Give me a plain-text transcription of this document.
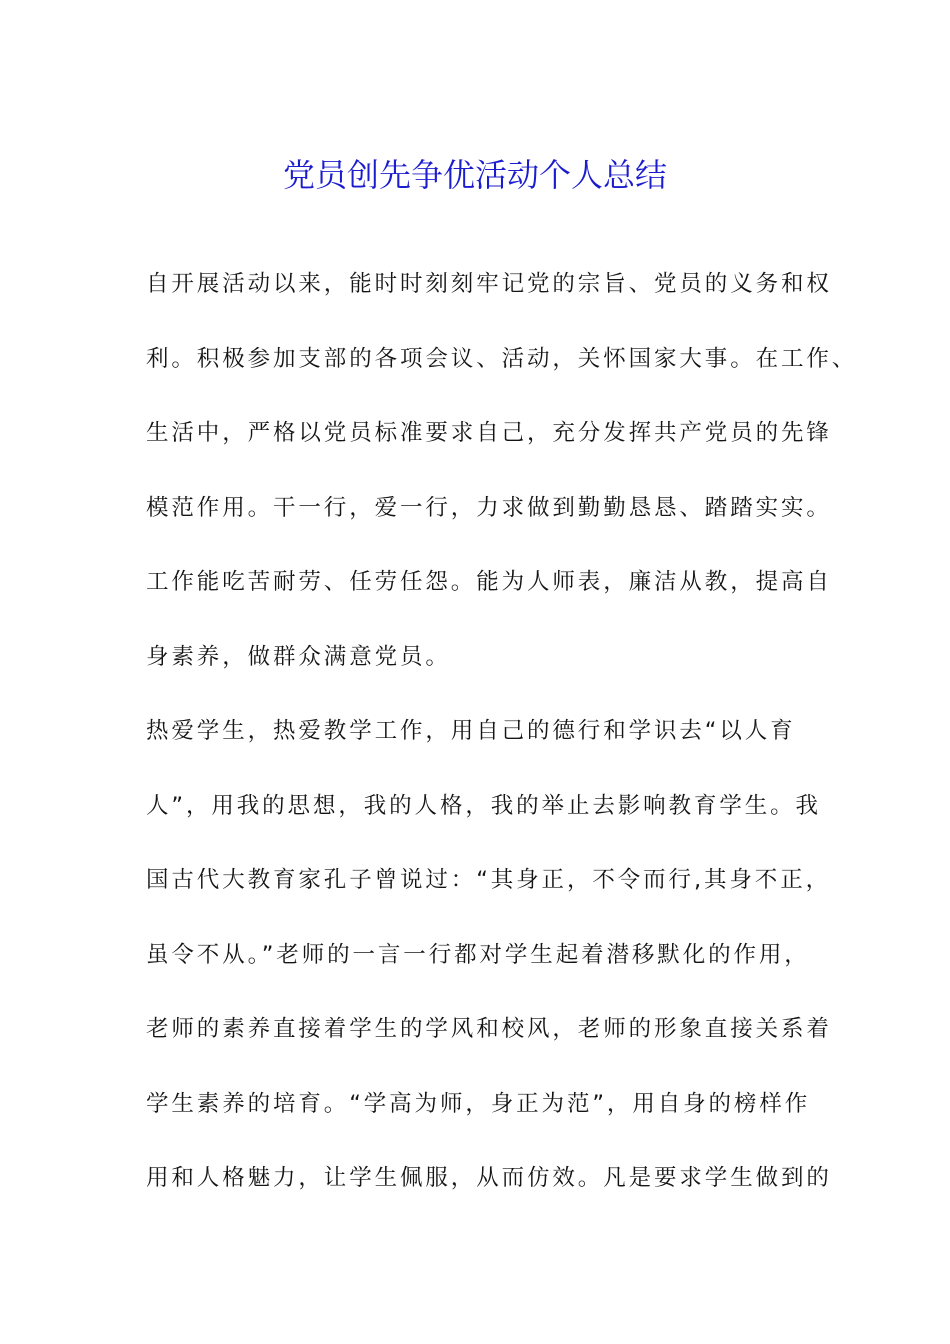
党员创先争优活动个人总结
自开展活动以来，能时时刻刻牢记党的宗旨、党员的义务和权
利。积极参加支部的各项会议、活动，关怀国家大事。在工作、
生活中，严格以党员标准要求自己，充分发挥共产党员的先锋
模范作用。干一行，爱一行，力求做到勤勤恳恳、踏踏实实。
工作能吃苦耐劳、任劳任怨。能为人师表，廉洁从教，提高自
身素养，做群众满意党员。
热爱学生，热爱教学工作，用自己的德行和学识去“以人育
人”，用我的思想，我的人格，我的举止去影响教育学生。我
国古代大教育家孔子曾说过：“其身正，不令而行,其身不正，
虽令不从。”老师的一言一行都对学生起着潜移默化的作用，
老师的素养直接着学生的学风和校风，老师的形象直接关系着
学生素养的培育。“学高为师，身正为范”，用自身的榜样作
用和人格魅力，让学生佩服，从而仿效。凡是要求学生做到的
